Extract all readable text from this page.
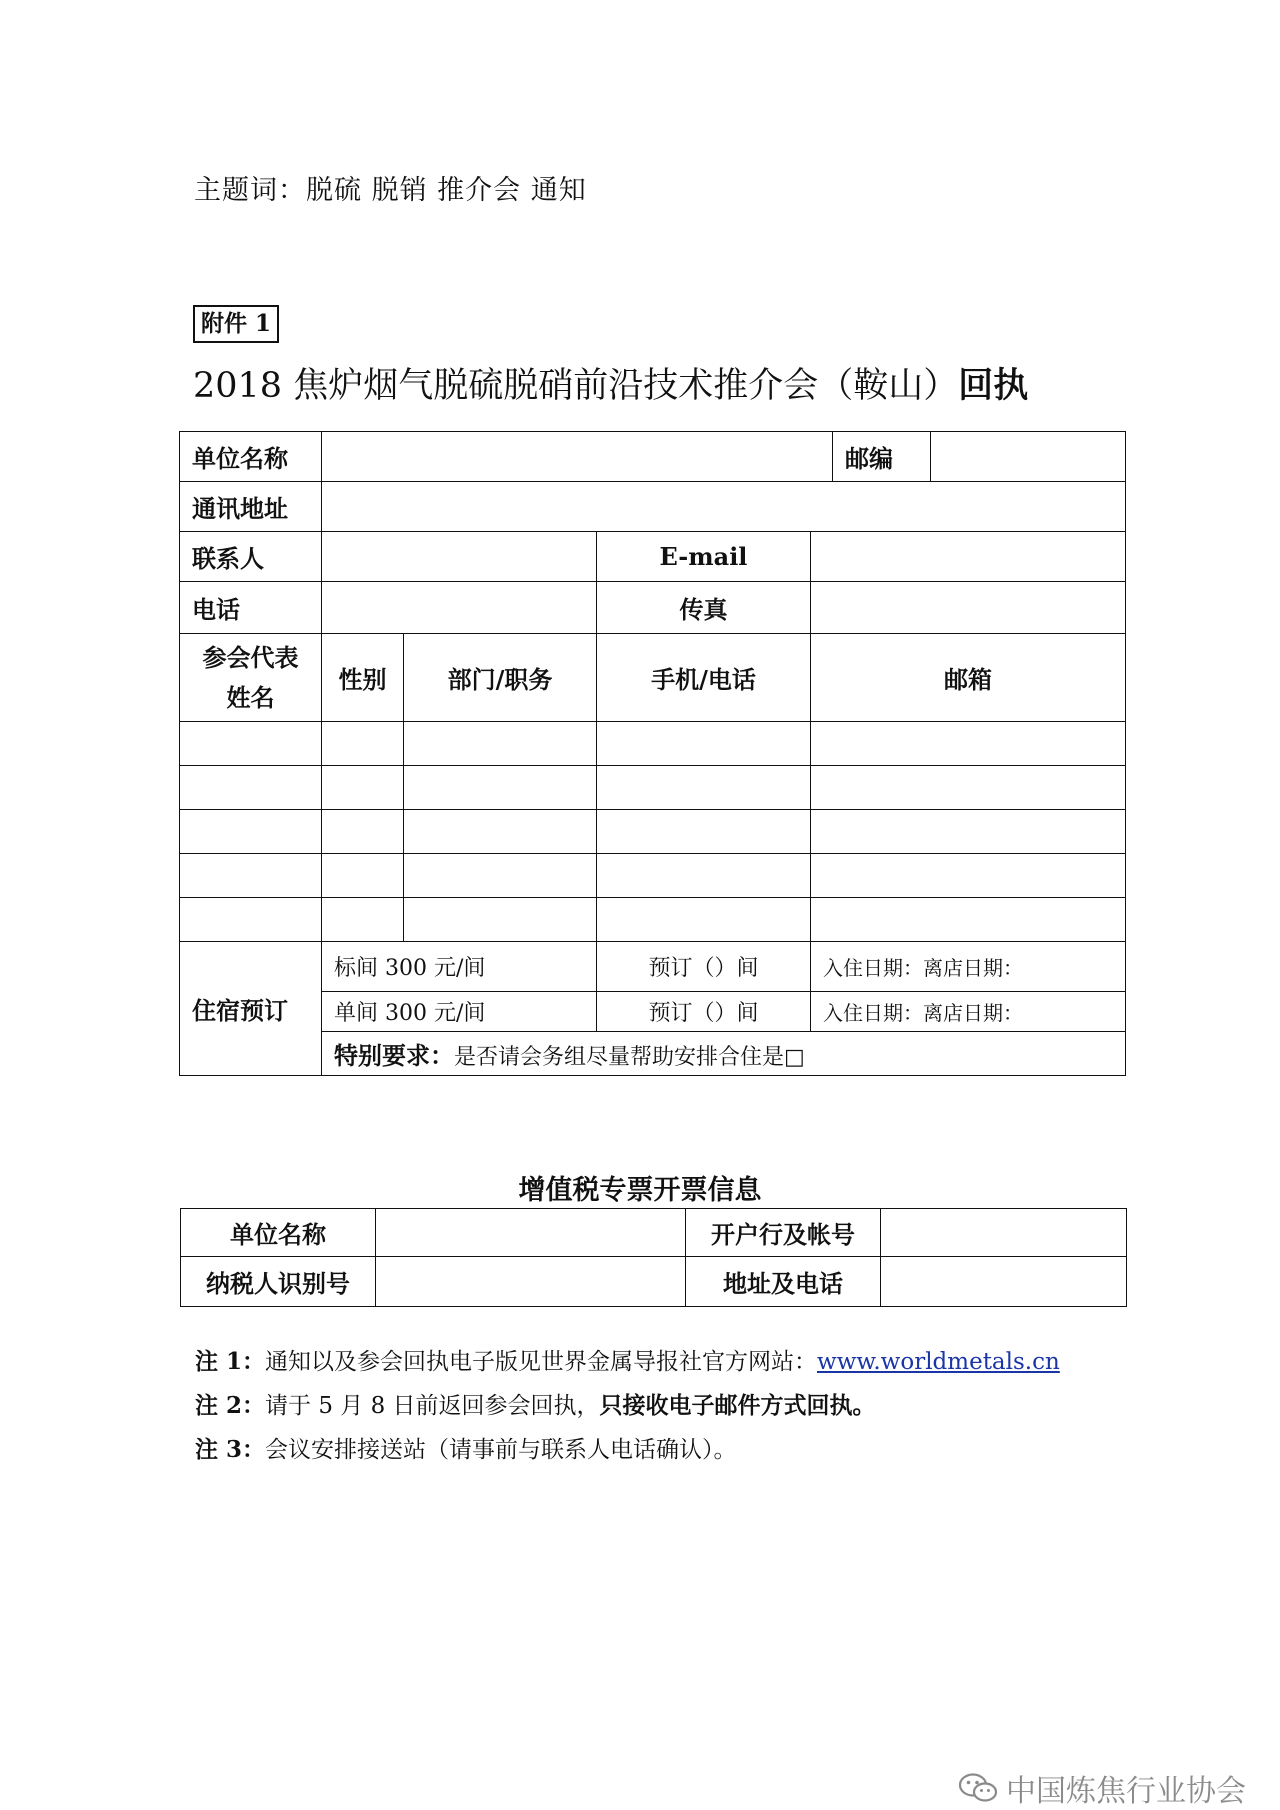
主题词：脱硫 脱销 推介会 通知
附件 1
2018 焦炉烟气脱硫脱硝前沿技术推介会（鞍山）回执
单位名称					邮编	
通讯地址						
联系人			E-mail			
电话			传真			
参会代表姓名	性别	部门/职务	手机/电话	邮箱		

住宿预订	标间 300 元/间		预订（）间	入住日期：离店日期：		
	单间 300 元/间		预订（）间	入住日期：离店日期：		
	特别要求：是否请会务组尽量帮助安排合住是□					
增值税专票开票信息
单位名称		开户行及帐号	
纳税人识别号		地址及电话	
注 1：通知以及参会回执电子版见世界金属导报社官方网站：www.worldmetals.cn
注 2：请于 5 月 8 日前返回参会回执，只接收电子邮件方式回执。
注 3：会议安排接送站（请事前与联系人电话确认）。
中国炼焦行业协会
